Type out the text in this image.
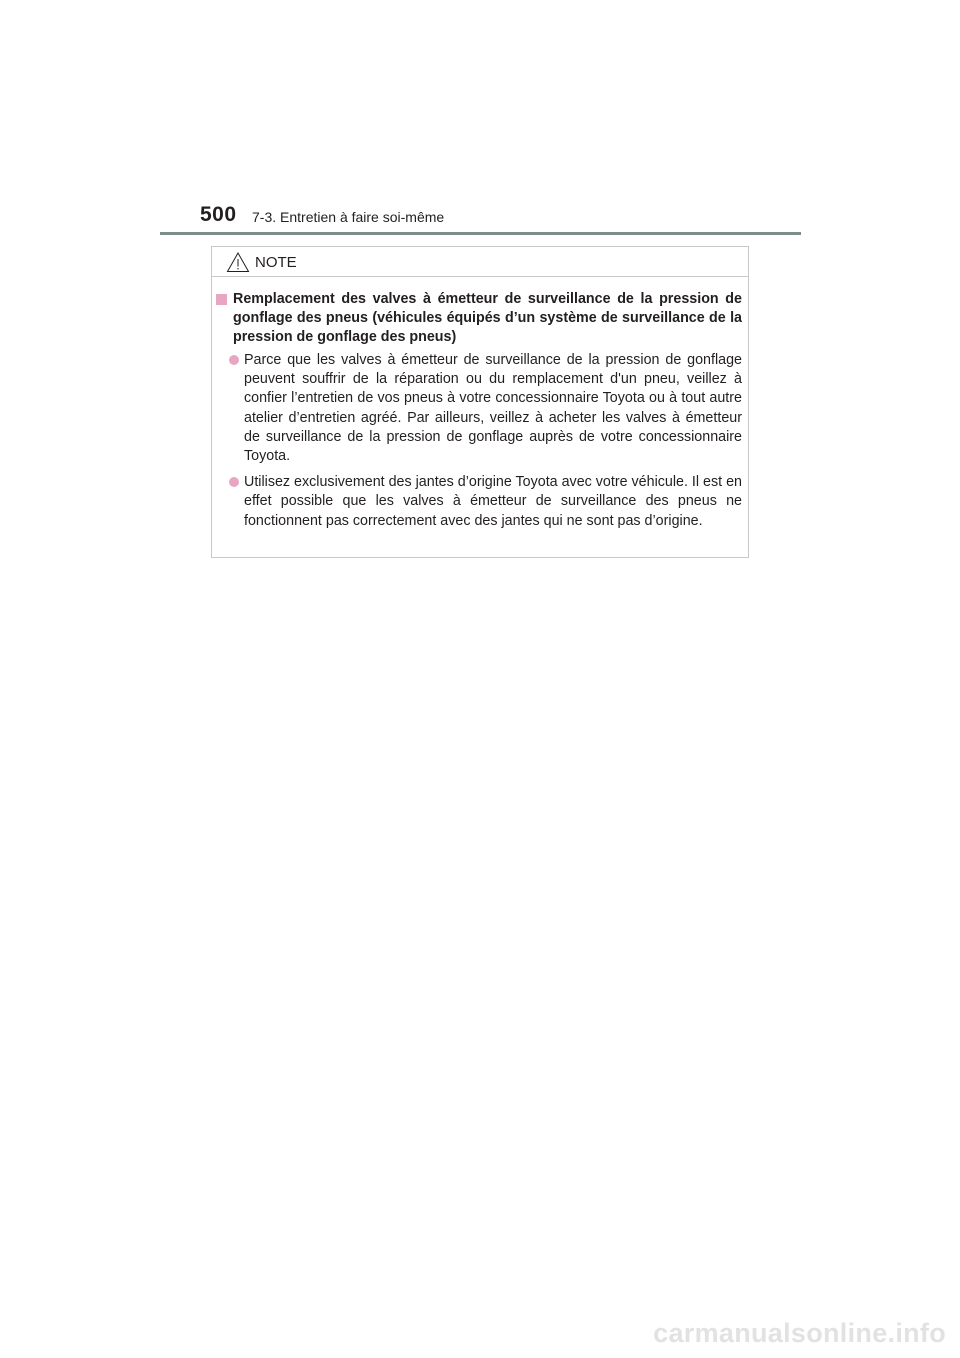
500 7-3. Entretien à faire soi-même
NOTE
Remplacement des valves à émetteur de surveillance de la pression de gonflage des pneus (véhicules équipés d’un système de surveillance de la pression de gonflage des pneus)
Parce que les valves à émetteur de surveillance de la pression de gonflage peuvent souffrir de la réparation ou du remplacement d'un pneu, veillez à confier l’entretien de vos pneus à votre concessionnaire Toyota ou à tout autre atelier d’entretien agréé. Par ailleurs, veillez à acheter les valves à émetteur de surveillance de la pression de gonflage auprès de votre concessionnaire Toyota.
Utilisez exclusivement des jantes d’origine Toyota avec votre véhicule. Il est en effet possible que les valves à émetteur de surveillance des pneus ne fonctionnent pas correctement avec des jantes qui ne sont pas d’origine.
carmanualsonline.info
